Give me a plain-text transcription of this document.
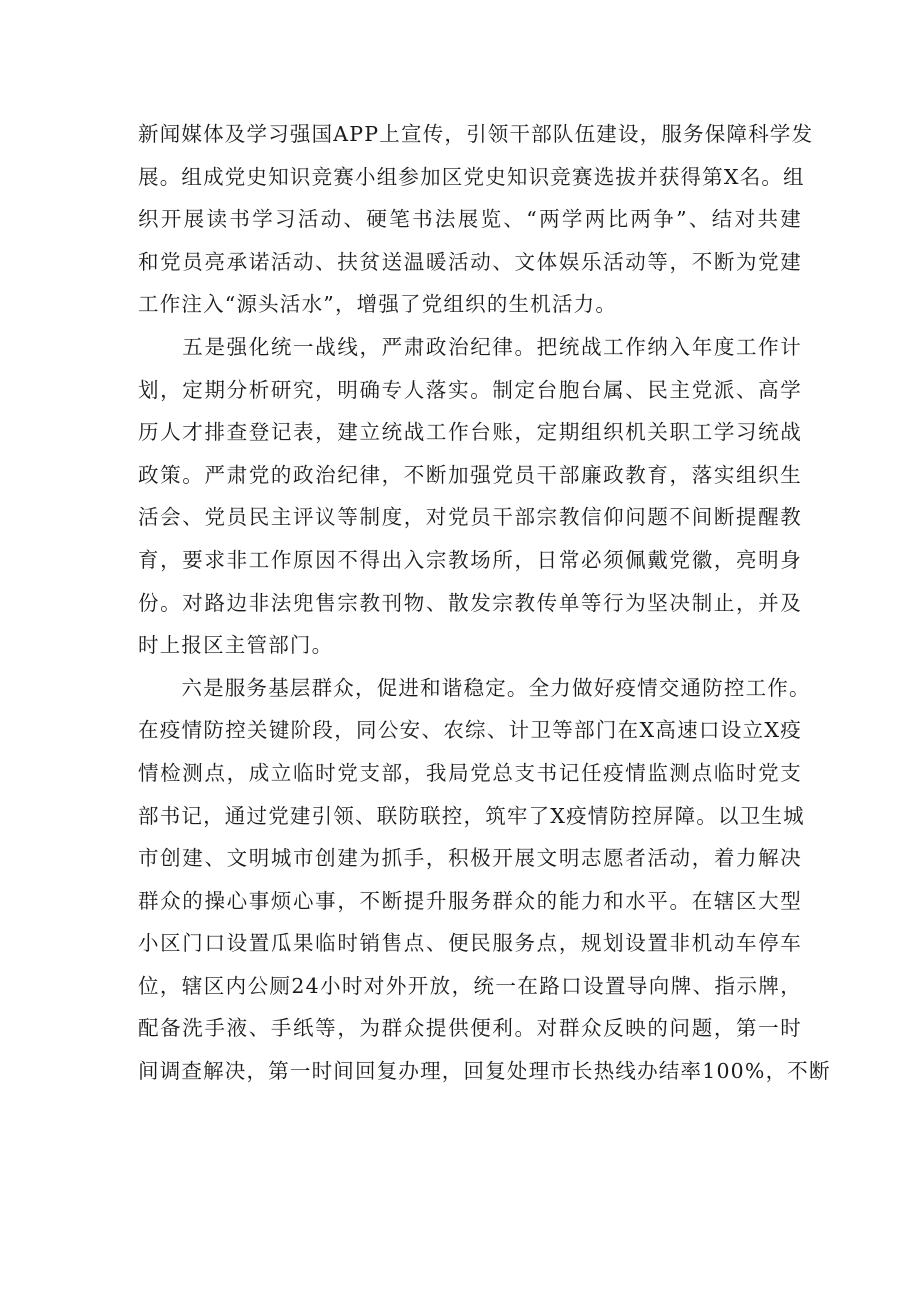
新闻媒体及学习强国APP上宣传，引领干部队伍建设，服务保障科学发
展。组成党史知识竞赛小组参加区党史知识竞赛选拔并获得第X名。组
织开展读书学习活动、硬笔书法展览、“两学两比两争”、结对共建
和党员亮承诺活动、扶贫送温暖活动、文体娱乐活动等，不断为党建
工作注入“源头活水”，增强了党组织的生机活力。
　　五是强化统一战线，严肃政治纪律。把统战工作纳入年度工作计
划，定期分析研究，明确专人落实。制定台胞台属、民主党派、高学
历人才排查登记表，建立统战工作台账，定期组织机关职工学习统战
政策。严肃党的政治纪律，不断加强党员干部廉政教育，落实组织生
活会、党员民主评议等制度，对党员干部宗教信仰问题不间断提醒教
育，要求非工作原因不得出入宗教场所，日常必须佩戴党徽，亮明身
份。对路边非法兜售宗教刊物、散发宗教传单等行为坚决制止，并及
时上报区主管部门。
　　六是服务基层群众，促进和谐稳定。全力做好疫情交通防控工作。
在疫情防控关键阶段，同公安、农综、计卫等部门在X高速口设立X疫
情检测点，成立临时党支部，我局党总支书记任疫情监测点临时党支
部书记，通过党建引领、联防联控，筑牢了X疫情防控屏障。以卫生城
市创建、文明城市创建为抓手，积极开展文明志愿者活动，着力解决
群众的操心事烦心事，不断提升服务群众的能力和水平。在辖区大型
小区门口设置瓜果临时销售点、便民服务点，规划设置非机动车停车
位，辖区内公厕24小时对外开放，统一在路口设置导向牌、指示牌，
配备洗手液、手纸等，为群众提供便利。对群众反映的问题，第一时
间调查解决，第一时间回复办理，回复处理市长热线办结率100%，不断
